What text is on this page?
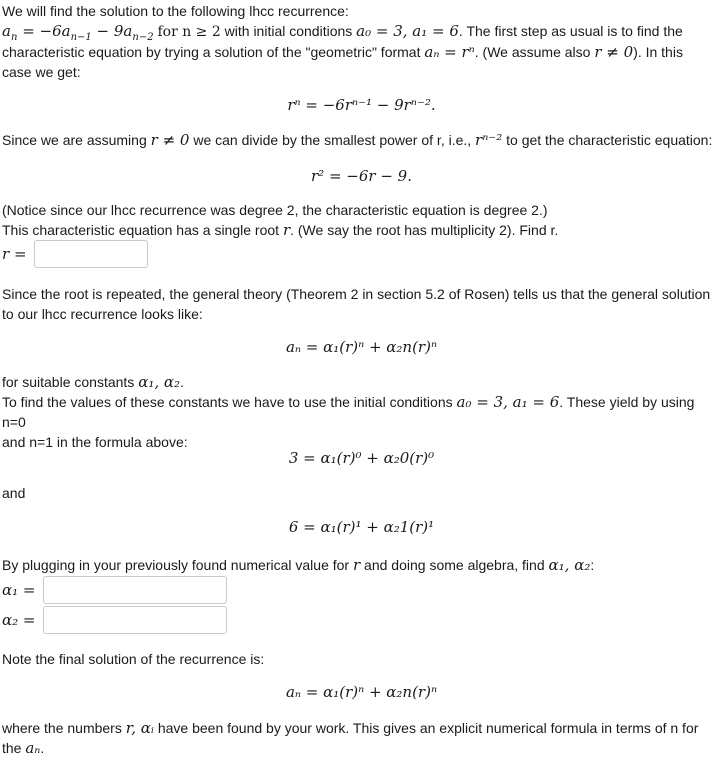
We will find the solution to the following lhcc recurrence:
$a_n = -6a_{n-1} - 9a_{n-2}$ for n ≥ 2 with initial conditions a₀ = 3, a₁ = 6. The first step as usual is to find the
characteristic equation by trying a solution of the "geometric" format aₙ = rⁿ. (We assume also r ≠ 0). In this
case we get:
rⁿ = −6rⁿ⁻¹ − 9rⁿ⁻².
Since we are assuming r ≠ 0 we can divide by the smallest power of r, i.e., rⁿ⁻² to get the characteristic equation:
r² = −6r − 9.
(Notice since our lhcc recurrence was degree 2, the characteristic equation is degree 2.)
This characteristic equation has a single root r. (We say the root has multiplicity 2). Find r.
r =
Since the root is repeated, the general theory (Theorem 2 in section 5.2 of Rosen) tells us that the general solution
to our lhcc recurrence looks like:
aₙ = α₁(r)ⁿ + α₂n(r)ⁿ
for suitable constants α₁, α₂.
To find the values of these constants we have to use the initial conditions a₀ = 3, a₁ = 6. These yield by using n=0
and n=1 in the formula above:
3 = α₁(r)⁰ + α₂0(r)⁰
and
6 = α₁(r)¹ + α₂1(r)¹
By plugging in your previously found numerical value for r and doing some algebra, find α₁, α₂:
α₁ =
α₂ =
Note the final solution of the recurrence is:
aₙ = α₁(r)ⁿ + α₂n(r)ⁿ
where the numbers r, αᵢ have been found by your work. This gives an explicit numerical formula in terms of n for
the aₙ.
